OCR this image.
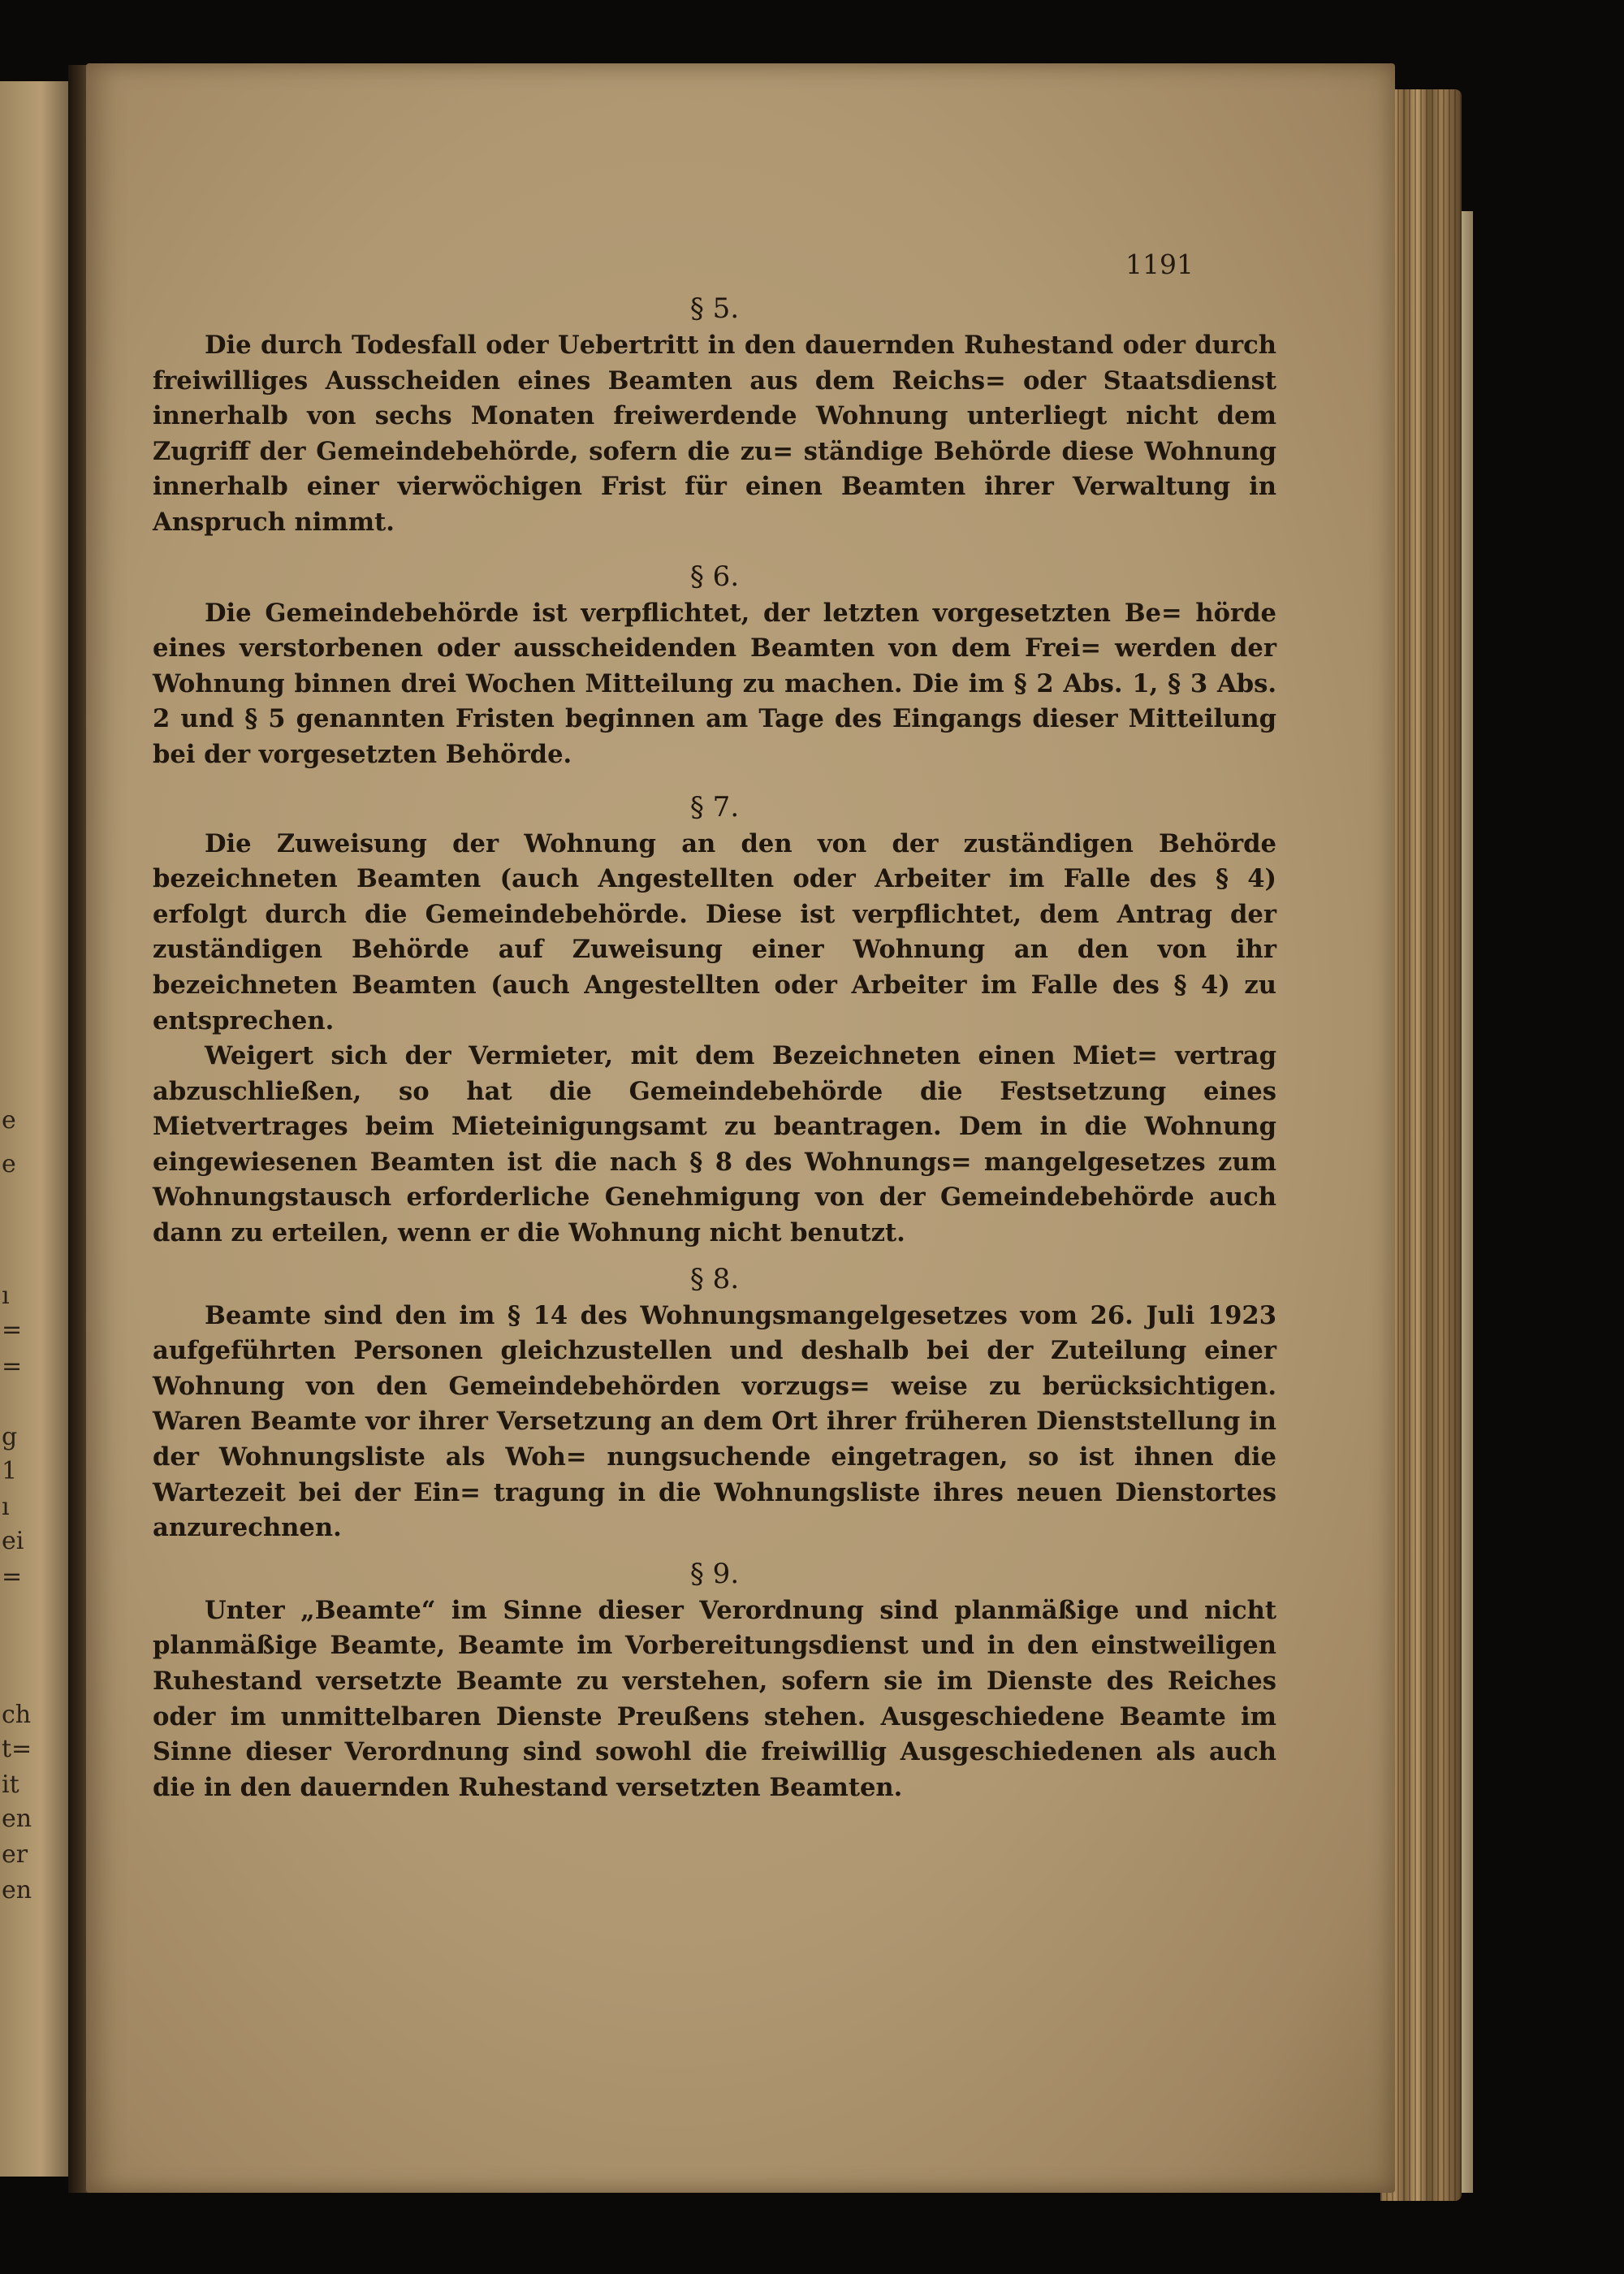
e
e
ı
=
=
g
1
ı
ei
=
ch
t=
it
en
er
en
1191
§ 5.

Die durch Todesfall oder Uebertritt in den dauernden Ruhestand oder durch freiwilliges Ausscheiden eines Beamten aus dem Reichs= oder Staatsdienst innerhalb von sechs Monaten freiwerdende Wohnung unterliegt nicht dem Zugriff der Gemeindebehörde, sofern die zu= ständige Behörde diese Wohnung innerhalb einer vierwöchigen Frist für einen Beamten ihrer Verwaltung in Anspruch nimmt.

§ 6.

Die Gemeindebehörde ist verpflichtet, der letzten vorgesetzten Be= hörde eines verstorbenen oder ausscheidenden Beamten von dem Frei= werden der Wohnung binnen drei Wochen Mitteilung zu machen. Die im § 2 Abs. 1, § 3 Abs. 2 und § 5 genannten Fristen beginnen am Tage des Eingangs dieser Mitteilung bei der vorgesetzten Behörde.

§ 7.

Die Zuweisung der Wohnung an den von der zuständigen Behörde bezeichneten Beamten (auch Angestellten oder Arbeiter im Falle des § 4) erfolgt durch die Gemeindebehörde. Diese ist verpflichtet, dem Antrag der zuständigen Behörde auf Zuweisung einer Wohnung an den von ihr bezeichneten Beamten (auch Angestellten oder Arbeiter im Falle des § 4) zu entsprechen.

Weigert sich der Vermieter, mit dem Bezeichneten einen Miet= vertrag abzuschließen, so hat die Gemeindebehörde die Festsetzung eines Mietvertrages beim Mieteinigungsamt zu beantragen. Dem in die Wohnung eingewiesenen Beamten ist die nach § 8 des Wohnungs= mangelgesetzes zum Wohnungstausch erforderliche Genehmigung von der Gemeindebehörde auch dann zu erteilen, wenn er die Wohnung nicht benutzt.

§ 8.

Beamte sind den im § 14 des Wohnungsmangelgesetzes vom 26. Juli 1923 aufgeführten Personen gleichzustellen und deshalb bei der Zuteilung einer Wohnung von den Gemeindebehörden vorzugs= weise zu berücksichtigen. Waren Beamte vor ihrer Versetzung an dem Ort ihrer früheren Dienststellung in der Wohnungsliste als Woh= nungsuchende eingetragen, so ist ihnen die Wartezeit bei der Ein= tragung in die Wohnungsliste ihres neuen Dienstortes anzurechnen.

§ 9.

Unter „Beamte“ im Sinne dieser Verordnung sind planmäßige und nicht planmäßige Beamte, Beamte im Vorbereitungsdienst und in den einstweiligen Ruhestand versetzte Beamte zu verstehen, sofern sie im Dienste des Reiches oder im unmittelbaren Dienste Preußens stehen. Ausgeschiedene Beamte im Sinne dieser Verordnung sind sowohl die freiwillig Ausgeschiedenen als auch die in den dauernden Ruhestand versetzten Beamten.
